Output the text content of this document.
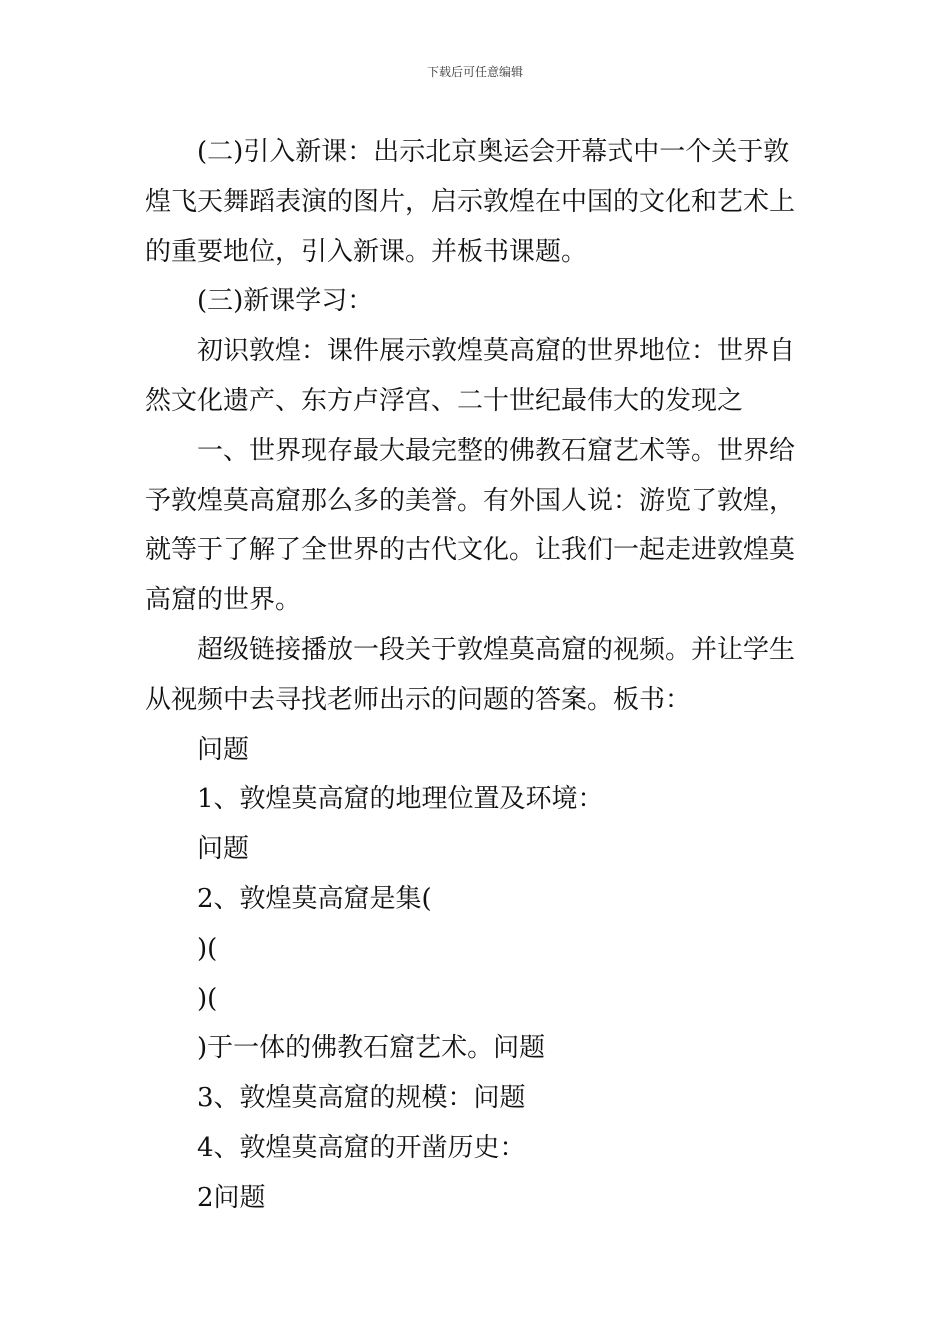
下载后可任意编辑

(二)引入新课：出示北京奥运会开幕式中一个关于敦

煌飞天舞蹈表演的图片，启示敦煌在中国的文化和艺术上

的重要地位，引入新课。并板书课题。

(三)新课学习：

初识敦煌：课件展示敦煌莫高窟的世界地位：世界自

然文化遗产、东方卢浮宫、二十世纪最伟大的发现之

一、世界现存最大最完整的佛教石窟艺术等。世界给

予敦煌莫高窟那么多的美誉。有外国人说：游览了敦煌，

就等于了解了全世界的古代文化。让我们一起走进敦煌莫

高窟的世界。

超级链接播放一段关于敦煌莫高窟的视频。并让学生

从视频中去寻找老师出示的问题的答案。板书：

问题

1、敦煌莫高窟的地理位置及环境：

问题

2、敦煌莫高窟是集(

)(

)(

)于一体的佛教石窟艺术。问题

3、敦煌莫高窟的规模：问题

4、敦煌莫高窟的开凿历史：

2问题
